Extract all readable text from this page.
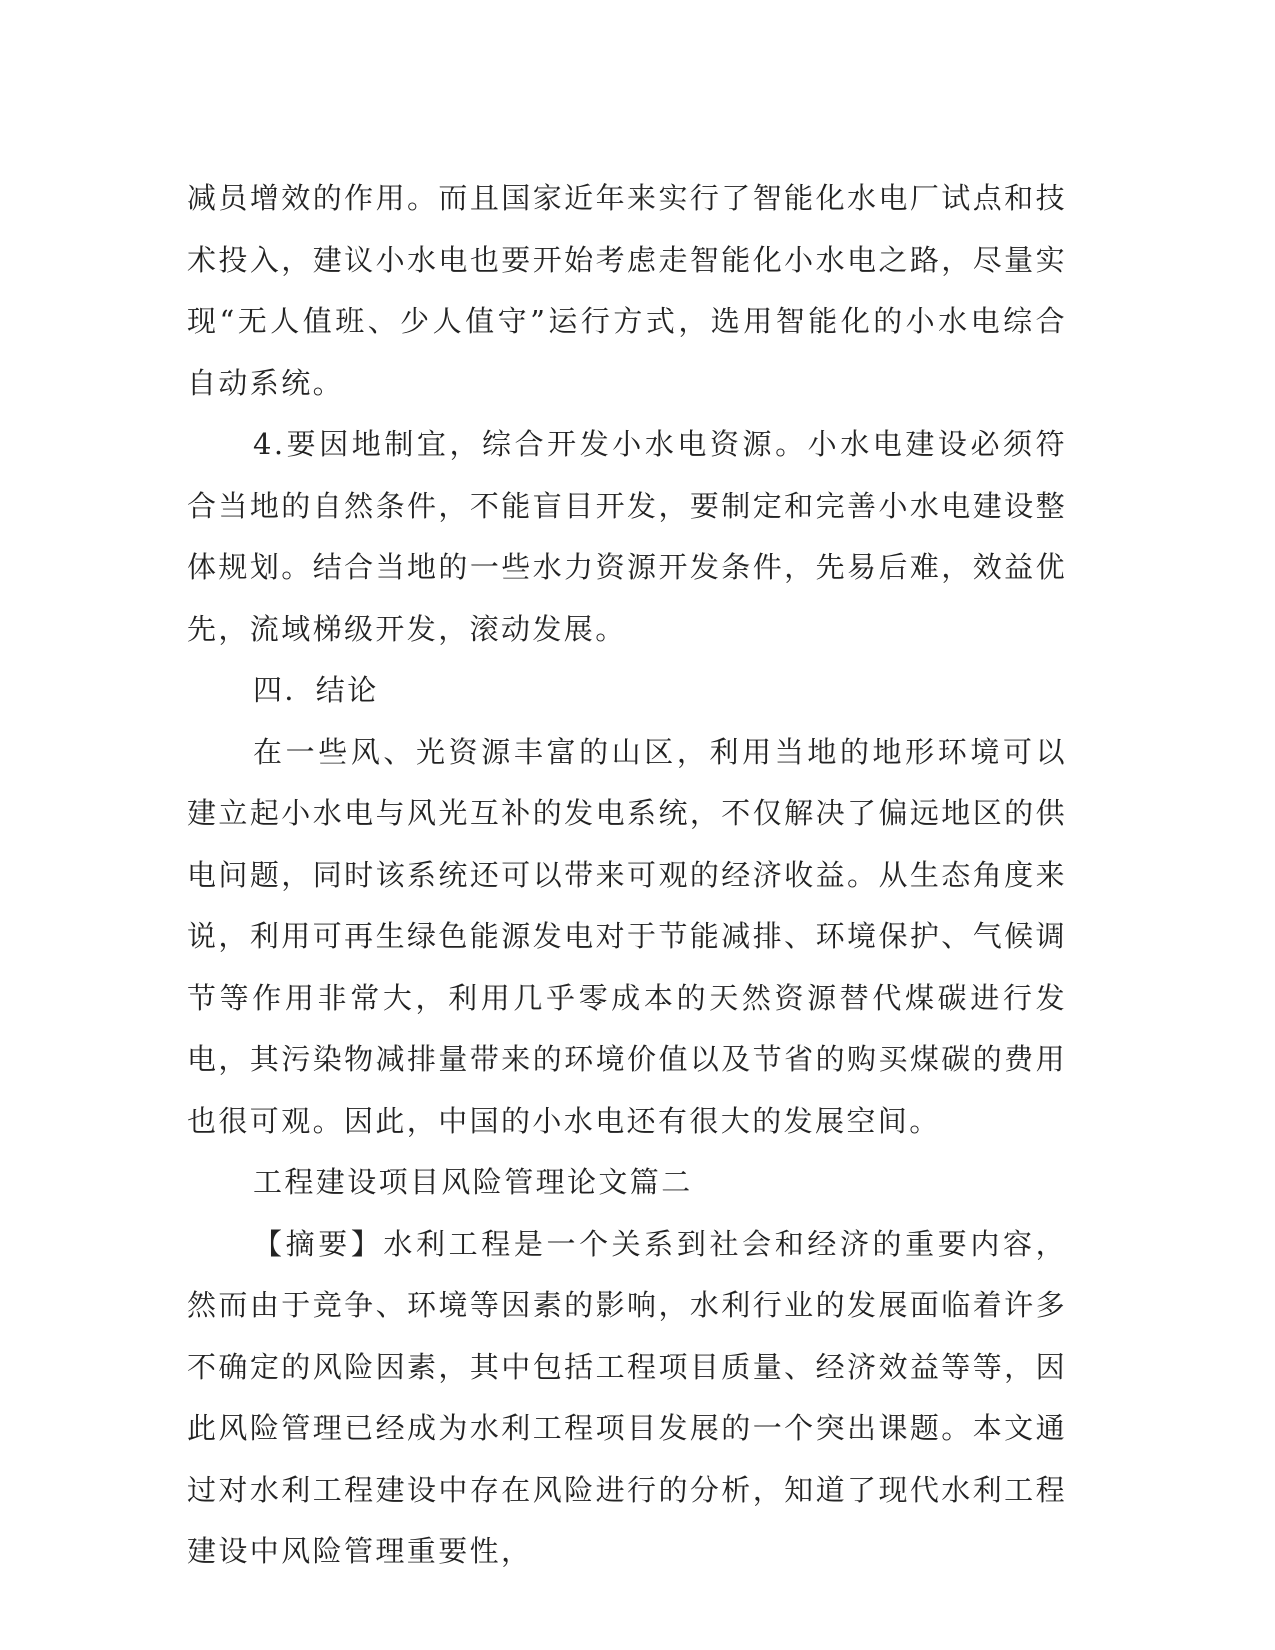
减员增效的作用。而且国家近年来实行了智能化水电厂试点和技术投入，建议小水电也要开始考虑走智能化小水电之路，尽量实现“无人值班、少人值守”运行方式，选用智能化的小水电综合自动系统。

4.要因地制宜，综合开发小水电资源。小水电建设必须符合当地的自然条件，不能盲目开发，要制定和完善小水电建设整体规划。结合当地的一些水力资源开发条件，先易后难，效益优先，流域梯级开发，滚动发展。

四．结论

在一些风、光资源丰富的山区，利用当地的地形环境可以建立起小水电与风光互补的发电系统，不仅解决了偏远地区的供电问题，同时该系统还可以带来可观的经济收益。从生态角度来说，利用可再生绿色能源发电对于节能减排、环境保护、气候调节等作用非常大，利用几乎零成本的天然资源替代煤碳进行发电，其污染物减排量带来的环境价值以及节省的购买煤碳的费用也很可观。因此，中国的小水电还有很大的发展空间。

工程建设项目风险管理论文篇二

【摘要】水利工程是一个关系到社会和经济的重要内容，然而由于竞争、环境等因素的影响，水利行业的发展面临着许多不确定的风险因素，其中包括工程项目质量、经济效益等等，因此风险管理已经成为水利工程项目发展的一个突出课题。本文通过对水利工程建设中存在风险进行的分析，知道了现代水利工程建设中风险管理重要性，
